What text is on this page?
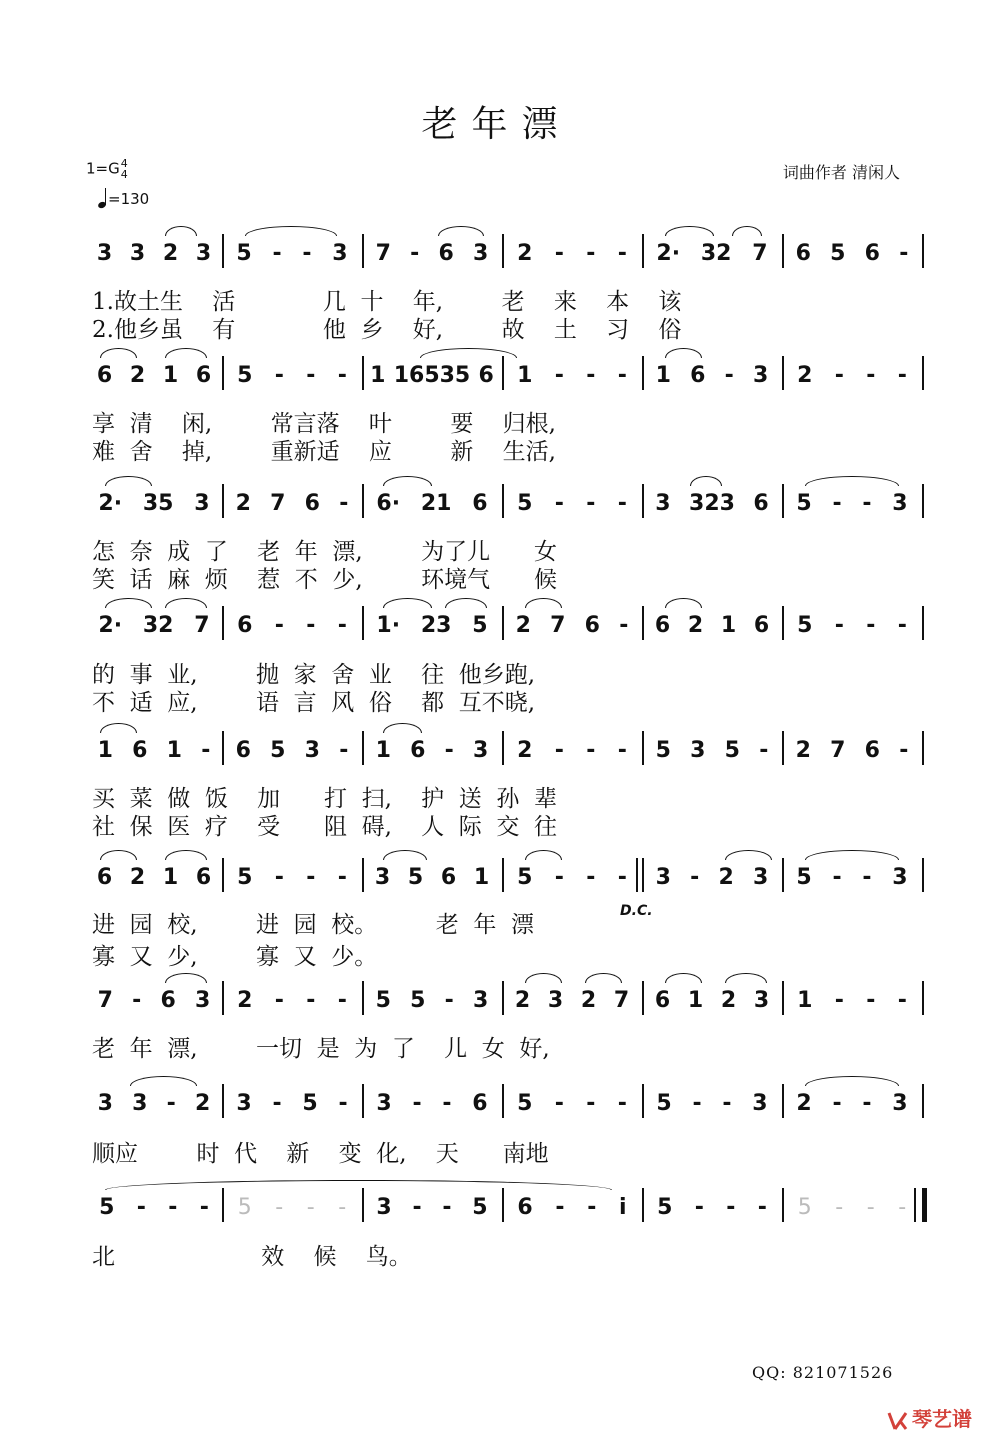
老年漂
1=G4
4
=130
词曲作者 清闲人
3 3 2 3 5 - - 3 7 - 6 3 2 - - - 2· 32 7 6 5 6 -
6 2 1 6 5 - - - 1 16535 6 1 - - - 1 6 - 3 2 - - -
2· 35 3 2 7 6 - 6· 21 6 5 - - - 3 323 6 5 - - 3
2· 32 7 6 - - - 1· 23 5 2 7 6 - 6 2 1 6 5 - - -
1 6 1 - 6 5 3 - 1 6 - 3 2 - - - 5 3 5 - 2 7 6 -
6 2 1 6 5 - - - 3 5 6 1 5 - - - 3 - 2 3 5 - - 3
7 - 6 3 2 - - - 5 5 - 3 2 3 2 7 6 1 2 3 1 - - -
3 3 - 2 3 - 5 - 3 - - 6 5 - - - 5 - - 3 2 - - 3
5 - - - 5 - - - 3 - - 5 6 - - i 5 - - - 5 - - -
D.C.
QQ: 821071526
琴艺谱
1.故土生    活            几  十    年,        老    来    本    该
2.他乡虽    有            他  乡    好,        故    土    习    俗
享  清    闲,        常言落    叶        要    归根,
难  舍    掉,        重新适    应        新    生活,
怎  奈  成  了    老  年  漂,        为了儿      女
笑  话  麻  烦    惹  不  少,        环境气      候
的  事  业,        抛  家  舍  业    往  他乡跑,
不  适  应,        语  言  风  俗    都  互不晓,
买  菜  做  饭    加      打  扫,    护  送  孙  辈
社  保  医  疗    受      阻  碍,    人  际  交  往
进  园  校,        进  园  校。        老  年  漂
寡  又  少,        寡  又  少。
老  年  漂,        一切  是  为  了    儿  女  好,
顺应        时  代    新    变  化,    天      南地
北                    效    候    鸟。
